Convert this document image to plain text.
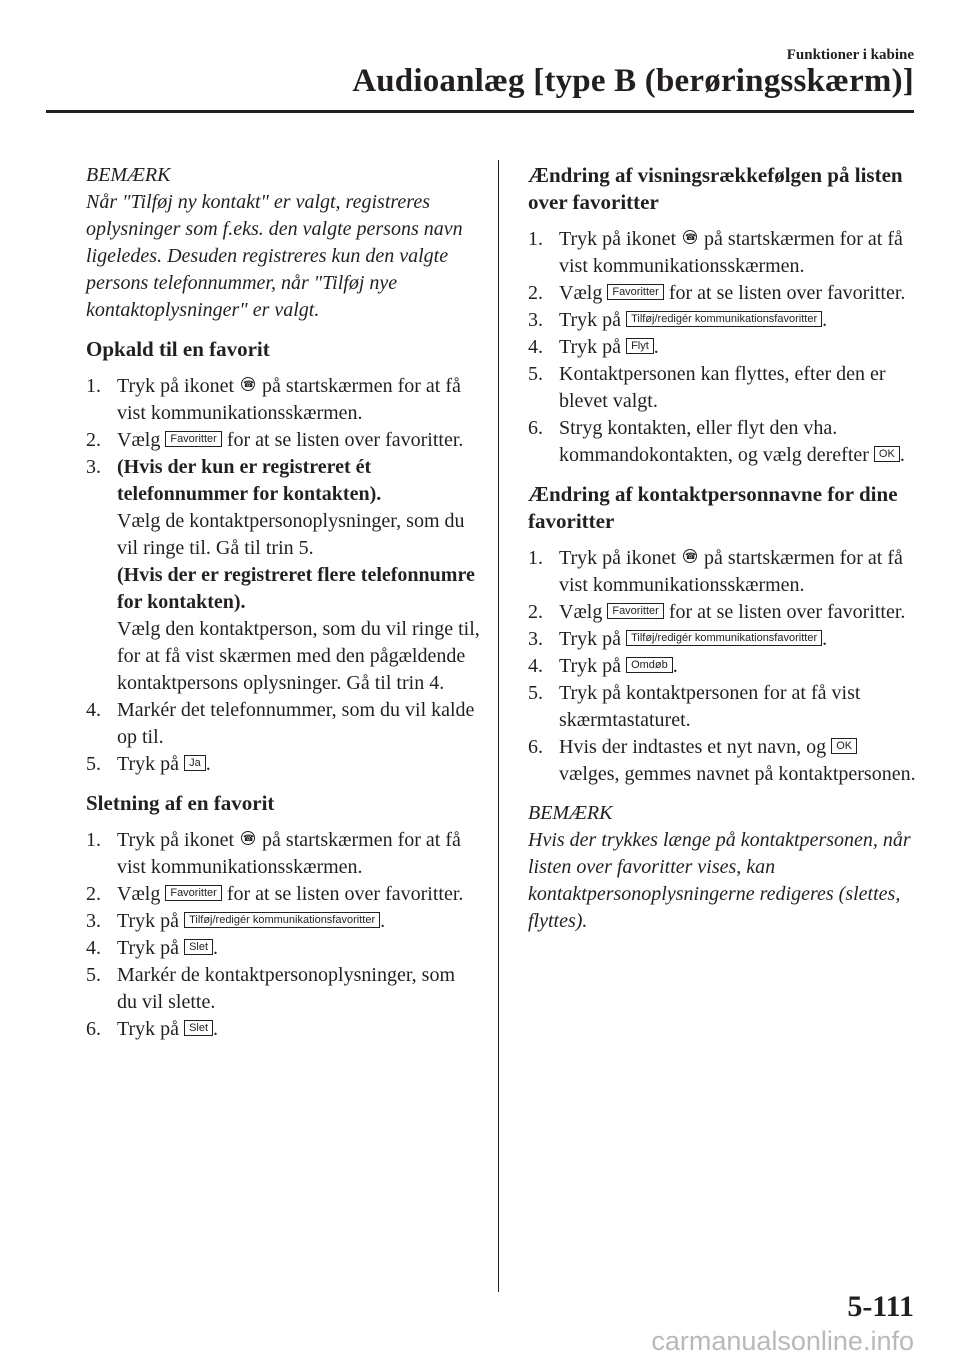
Funktioner i kabine
Audioanlæg [type B (berøringsskærm)]
BEMÆRK
Når "Tilføj ny kontakt" er valgt, registreres oplysninger som f.eks. den valgte persons navn ligeledes. Desuden registreres kun den valgte persons telefonnummer, når "Tilføj nye kontaktoplysninger" er valgt.
Opkald til en favorit
1. Tryk på ikonet ☎ på startskærmen for at få vist kommunikationsskærmen.
2. Vælg Favoritter for at se listen over favoritter.
3. (Hvis der kun er registreret ét telefonnummer for kontakten).
Vælg de kontaktpersonoplysninger, som du vil ringe til. Gå til trin 5.
(Hvis der er registreret flere telefonnumre for kontakten).
Vælg den kontaktperson, som du vil ringe til, for at få vist skærmen med den pågældende kontaktpersons oplysninger. Gå til trin 4.
4. Markér det telefonnummer, som du vil kalde op til.
5. Tryk på Ja .
Sletning af en favorit
1. Tryk på ikonet ☎ på startskærmen for at få vist kommunikationsskærmen.
2. Vælg Favoritter for at se listen over favoritter.
3. Tryk på Tilføj/redigér kommunikationsfavoritter .
4. Tryk på Slet .
5. Markér de kontaktpersonoplysninger, som du vil slette.
6. Tryk på Slet .
Ændring af visningsrækkefølgen på listen over favoritter
1. Tryk på ikonet ☎ på startskærmen for at få vist kommunikationsskærmen.
2. Vælg Favoritter for at se listen over favoritter.
3. Tryk på Tilføj/redigér kommunikationsfavoritter .
4. Tryk på Flyt .
5. Kontaktpersonen kan flyttes, efter den er blevet valgt.
6. Stryg kontakten, eller flyt den vha. kommandokontakten, og vælg derefter OK .
Ændring af kontaktpersonnavne for dine favoritter
1. Tryk på ikonet ☎ på startskærmen for at få vist kommunikationsskærmen.
2. Vælg Favoritter for at se listen over favoritter.
3. Tryk på Tilføj/redigér kommunikationsfavoritter .
4. Tryk på Omdøb .
5. Tryk på kontaktpersonen for at få vist skærmtastaturet.
6. Hvis der indtastes et nyt navn, og OK vælges, gemmes navnet på kontaktpersonen.
BEMÆRK
Hvis der trykkes længe på kontaktpersonen, når listen over favoritter vises, kan kontaktpersonoplysningerne redigeres (slettes, flyttes).
5-111
carmanualsonline.info
